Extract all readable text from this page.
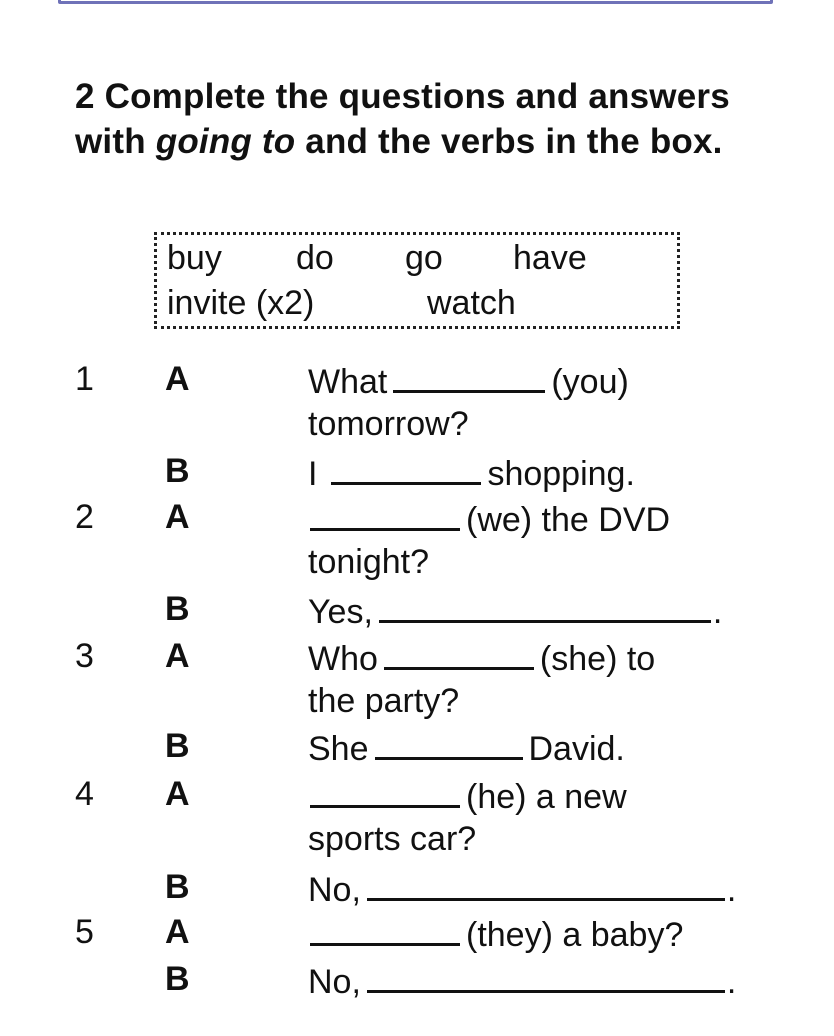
2 Complete the questions and answers with going to and the verbs in the box.
buy do go have
invite (x2)	watch
1 A	What	(you)
tomorrow?
B	I	shopping.
2 A	(we) the DVD
tonight?
B	Yes,	.
3 A	Who	(she) to
the party?
B	She	David.
4 A	(he) a new
sports car?
B	No,	.
5 A	(they) a baby?
B	No,	.
